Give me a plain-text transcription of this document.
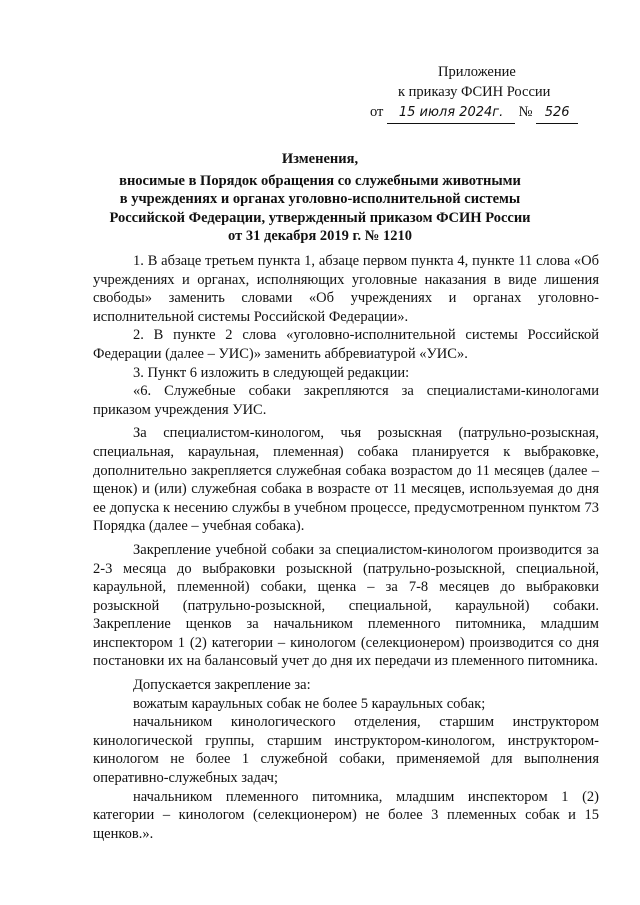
Приложение
к приказу ФСИН России
от 15 июля 2024г. № 526
Изменения,
вносимые в Порядок обращения со служебными животными
в учреждениях и органах уголовно-исполнительной системы
Российской Федерации, утвержденный приказом ФСИН России
от 31 декабря 2019 г. № 1210

1. В абзаце третьем пункта 1, абзаце первом пункта 4, пункте 11 слова «Об учреждениях и органах, исполняющих уголовные наказания в виде лишения свободы» заменить словами «Об учреждениях и органах уголовно-исполнительной системы Российской Федерации».

2. В пункте 2 слова «уголовно-исполнительной системы Российской Федерации (далее – УИС)» заменить аббревиатурой «УИС».

3. Пункт 6 изложить в следующей редакции:

«6. Служебные собаки закрепляются за специалистами-кинологами приказом учреждения УИС.

За специалистом-кинологом, чья розыскная (патрульно-розыскная, специальная, караульная, племенная) собака планируется к выбраковке, дополнительно закрепляется служебная собака возрастом до 11 месяцев (далее – щенок) и (или) служебная собака в возрасте от 11 месяцев, используемая до дня ее допуска к несению службы в учебном процессе, предусмотренном пунктом 73 Порядка (далее – учебная собака).

Закрепление учебной собаки за специалистом-кинологом производится за 2-3 месяца до выбраковки розыскной (патрульно-розыскной, специальной, караульной, племенной) собаки, щенка – за 7-8 месяцев до выбраковки розыскной (патрульно-розыскной, специальной, караульной) собаки. Закрепление щенков за начальником племенного питомника, младшим инспектором 1 (2) категории – кинологом (селекционером) производится со дня постановки их на балансовый учет до дня их передачи из племенного питомника.

Допускается закрепление за:

вожатым караульных собак не более 5 караульных собак;

начальником кинологического отделения, старшим инструктором кинологической группы, старшим инструктором-кинологом, инструктором-кинологом не более 1 служебной собаки, применяемой для выполнения оперативно-служебных задач;

начальником племенного питомника, младшим инспектором 1 (2) категории – кинологом (селекционером) не более 3 племенных собак и 15 щенков.».
